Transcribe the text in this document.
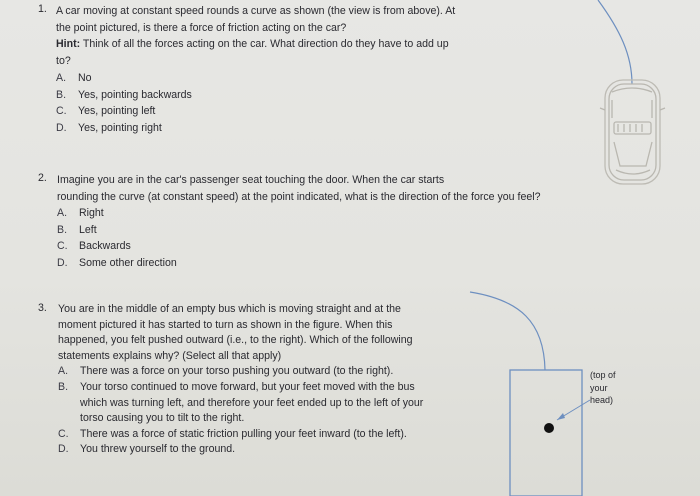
1. A car moving at constant speed rounds a curve as shown (the view is from above). At
the point pictured, is there a force of friction acting on the car?
Hint: Think of all the forces acting on the car. What direction do they have to add up
to?
A. No
B. Yes, pointing backwards
C. Yes, pointing left
D. Yes, pointing right
2. Imagine you are in the car's passenger seat touching the door. When the car starts
rounding the curve (at constant speed) at the point indicated, what is the direction of the force you feel?
A. Right
B. Left
C. Backwards
D. Some other direction
3. You are in the middle of an empty bus which is moving straight and at the
moment pictured it has started to turn as shown in the figure. When this
happened, you felt pushed outward (i.e., to the right). Which of the following
statements explains why? (Select all that apply)
A. There was a force on your torso pushing you outward (to the right).
B. Your torso continued to move forward, but your feet moved with the bus
which was turning left, and therefore your feet ended up to the left of your
torso causing you to tilt to the right.
C. There was a force of static friction pulling your feet inward (to the left).
D. You threw yourself to the ground.
(top of
your
head)
